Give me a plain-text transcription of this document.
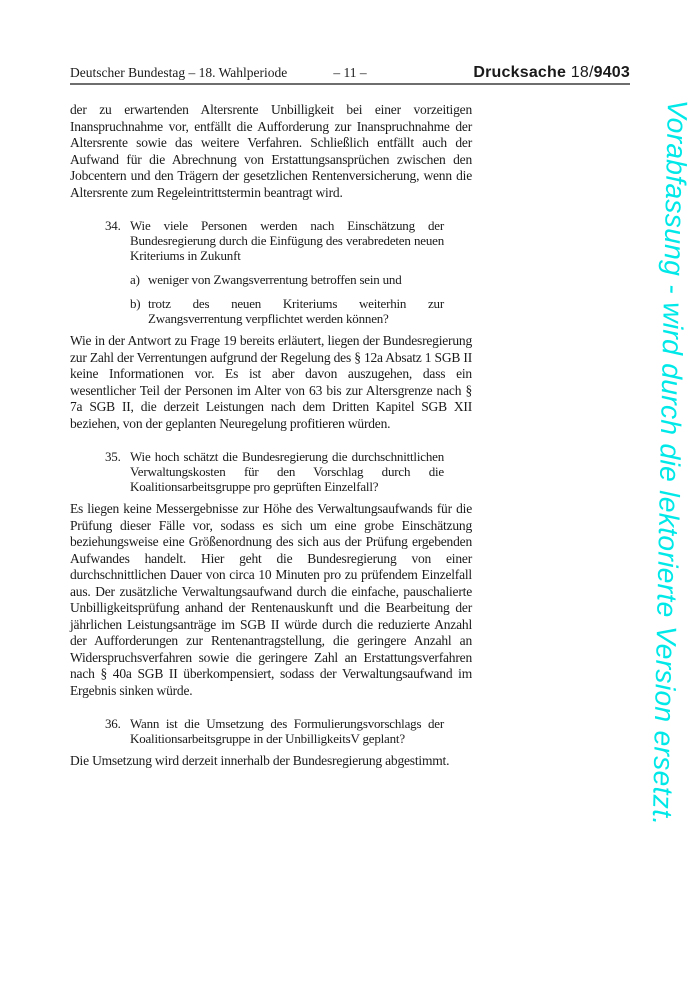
Deutscher Bundestag – 18. Wahlperiode	– 11 –	Drucksache 18/9403

der zu erwartenden Altersrente Unbilligkeit bei einer vorzeitigen Inanspruchnahme vor, entfällt die Aufforderung zur Inanspruchnahme der Altersrente sowie das weitere Verfahren. Schließlich entfällt auch der Aufwand für die Abrechnung von Erstattungsansprüchen zwischen den Jobcentern und den Trägern der gesetzlichen Rentenversicherung, wenn die Altersrente zum Regeleintrittstermin beantragt wird.

34. Wie viele Personen werden nach Einschätzung der Bundesregierung durch die Einfügung des verabredeten neuen Kriteriums in Zukunft
a) weniger von Zwangsverrentung betroffen sein und
b) trotz des neuen Kriteriums weiterhin zur Zwangsverrentung verpflichtet werden können?

Wie in der Antwort zu Frage 19 bereits erläutert, liegen der Bundesregierung zur Zahl der Verrentungen aufgrund der Regelung des § 12a Absatz 1 SGB II keine Informationen vor. Es ist aber davon auszugehen, dass ein wesentlicher Teil der Personen im Alter von 63 bis zur Altersgrenze nach § 7a SGB II, die derzeit Leistungen nach dem Dritten Kapitel SGB XII beziehen, von der geplanten Neuregelung profitieren würden.

35. Wie hoch schätzt die Bundesregierung die durchschnittlichen Verwaltungskosten für den Vorschlag durch die Koalitionsarbeitsgruppe pro geprüften Einzelfall?

Es liegen keine Messergebnisse zur Höhe des Verwaltungsaufwands für die Prüfung dieser Fälle vor, sodass es sich um eine grobe Einschätzung beziehungsweise eine Größenordnung des sich aus der Prüfung ergebenden Aufwandes handelt. Hier geht die Bundesregierung von einer durchschnittlichen Dauer von circa 10 Minuten pro zu prüfendem Einzelfall aus. Der zusätzliche Verwaltungsaufwand durch die einfache, pauschalierte Unbilligkeitsprüfung anhand der Rentenauskunft und die Bearbeitung der jährlichen Leistungsanträge im SGB II würde durch die reduzierte Anzahl der Aufforderungen zur Rentenantragstellung, die geringere Anzahl an Widerspruchsverfahren sowie die geringere Zahl an Erstattungsverfahren nach § 40a SGB II überkompensiert, sodass der Verwaltungsaufwand im Ergebnis sinken würde.

36. Wann ist die Umsetzung des Formulierungsvorschlags der Koalitionsarbeitsgruppe in der UnbilligkeitsV geplant?

Die Umsetzung wird derzeit innerhalb der Bundesregierung abgestimmt.	Vorabfassung - wird durch die lektorierte Version ersetzt.
